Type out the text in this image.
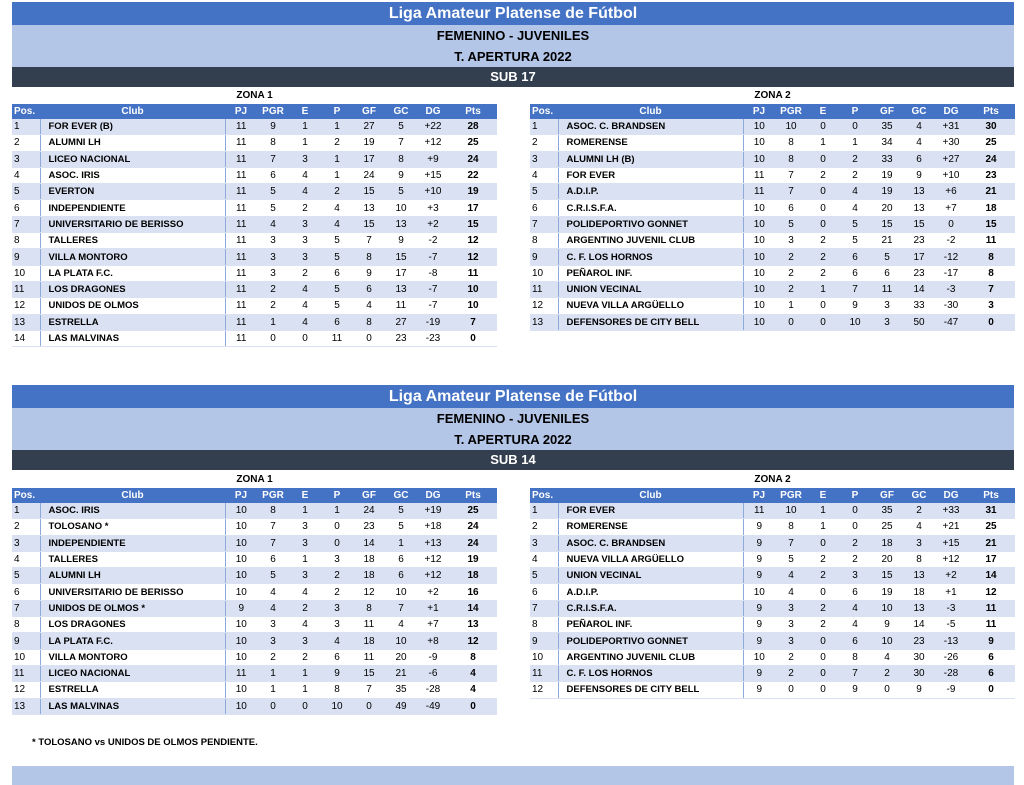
Liga Amateur Platense de Fútbol
FEMENINO - JUVENILES
T. APERTURA 2022
SUB 17
ZONA 1	ZONA 2
Pos.	Club	PJ	PGR	E	P	GF	GC	DG	Pts
1	FOR EVER (B)	11	9	1	1	27	5	+22	28
2	ALUMNI LH	11	8	1	2	19	7	+12	25
3	LICEO NACIONAL	11	7	3	1	17	8	+9	24
4	ASOC. IRIS	11	6	4	1	24	9	+15	22
5	EVERTON	11	5	4	2	15	5	+10	19
6	INDEPENDIENTE	11	5	2	4	13	10	+3	17
7	UNIVERSITARIO DE BERISSO	11	4	3	4	15	13	+2	15
8	TALLERES	11	3	3	5	7	9	-2	12
9	VILLA MONTORO	11	3	3	5	8	15	-7	12
10	LA PLATA F.C.	11	3	2	6	9	17	-8	11
11	LOS DRAGONES	11	2	4	5	6	13	-7	10
12	UNIDOS DE OLMOS	11	2	4	5	4	11	-7	10
13	ESTRELLA	11	1	4	6	8	27	-19	7
14	LAS MALVINAS	11	0	0	11	0	23	-23	0
Pos.	Club	PJ	PGR	E	P	GF	GC	DG	Pts
1	ASOC. C. BRANDSEN	10	10	0	0	35	4	+31	30
2	ROMERENSE	10	8	1	1	34	4	+30	25
3	ALUMNI LH (B)	10	8	0	2	33	6	+27	24
4	FOR EVER	11	7	2	2	19	9	+10	23
5	A.D.I.P.	11	7	0	4	19	13	+6	21
6	C.R.I.S.F.A.	10	6	0	4	20	13	+7	18
7	POLIDEPORTIVO GONNET	10	5	0	5	15	15	0	15
8	ARGENTINO JUVENIL CLUB	10	3	2	5	21	23	-2	11
9	C. F. LOS HORNOS	10	2	2	6	5	17	-12	8
10	PEÑAROL INF.	10	2	2	6	6	23	-17	8
11	UNION VECINAL	10	2	1	7	11	14	-3	7
12	NUEVA VILLA ARGÜELLO	10	1	0	9	3	33	-30	3
13	DEFENSORES DE CITY BELL	10	0	0	10	3	50	-47	0
Liga Amateur Platense de Fútbol
FEMENINO - JUVENILES
T. APERTURA 2022
SUB 14
ZONA 1	ZONA 2
Pos.	Club	PJ	PGR	E	P	GF	GC	DG	Pts
1	ASOC. IRIS	10	8	1	1	24	5	+19	25
2	TOLOSANO *	10	7	3	0	23	5	+18	24
3	INDEPENDIENTE	10	7	3	0	14	1	+13	24
4	TALLERES	10	6	1	3	18	6	+12	19
5	ALUMNI LH	10	5	3	2	18	6	+12	18
6	UNIVERSITARIO DE BERISSO	10	4	4	2	12	10	+2	16
7	UNIDOS DE OLMOS *	9	4	2	3	8	7	+1	14
8	LOS DRAGONES	10	3	4	3	11	4	+7	13
9	LA PLATA F.C.	10	3	3	4	18	10	+8	12
10	VILLA MONTORO	10	2	2	6	11	20	-9	8
11	LICEO NACIONAL	11	1	1	9	15	21	-6	4
12	ESTRELLA	10	1	1	8	7	35	-28	4
13	LAS MALVINAS	10	0	0	10	0	49	-49	0
Pos.	Club	PJ	PGR	E	P	GF	GC	DG	Pts
1	FOR EVER	11	10	1	0	35	2	+33	31
2	ROMERENSE	9	8	1	0	25	4	+21	25
3	ASOC. C. BRANDSEN	9	7	0	2	18	3	+15	21
4	NUEVA VILLA ARGÜELLO	9	5	2	2	20	8	+12	17
5	UNION VECINAL	9	4	2	3	15	13	+2	14
6	A.D.I.P.	10	4	0	6	19	18	+1	12
7	C.R.I.S.F.A.	9	3	2	4	10	13	-3	11
8	PEÑAROL INF.	9	3	2	4	9	14	-5	11
9	POLIDEPORTIVO GONNET	9	3	0	6	10	23	-13	9
10	ARGENTINO JUVENIL CLUB	10	2	0	8	4	30	-26	6
11	C. F. LOS HORNOS	9	2	0	7	2	30	-28	6
12	DEFENSORES DE CITY BELL	9	0	0	9	0	9	-9	0
* TOLOSANO vs UNIDOS DE OLMOS PENDIENTE.
